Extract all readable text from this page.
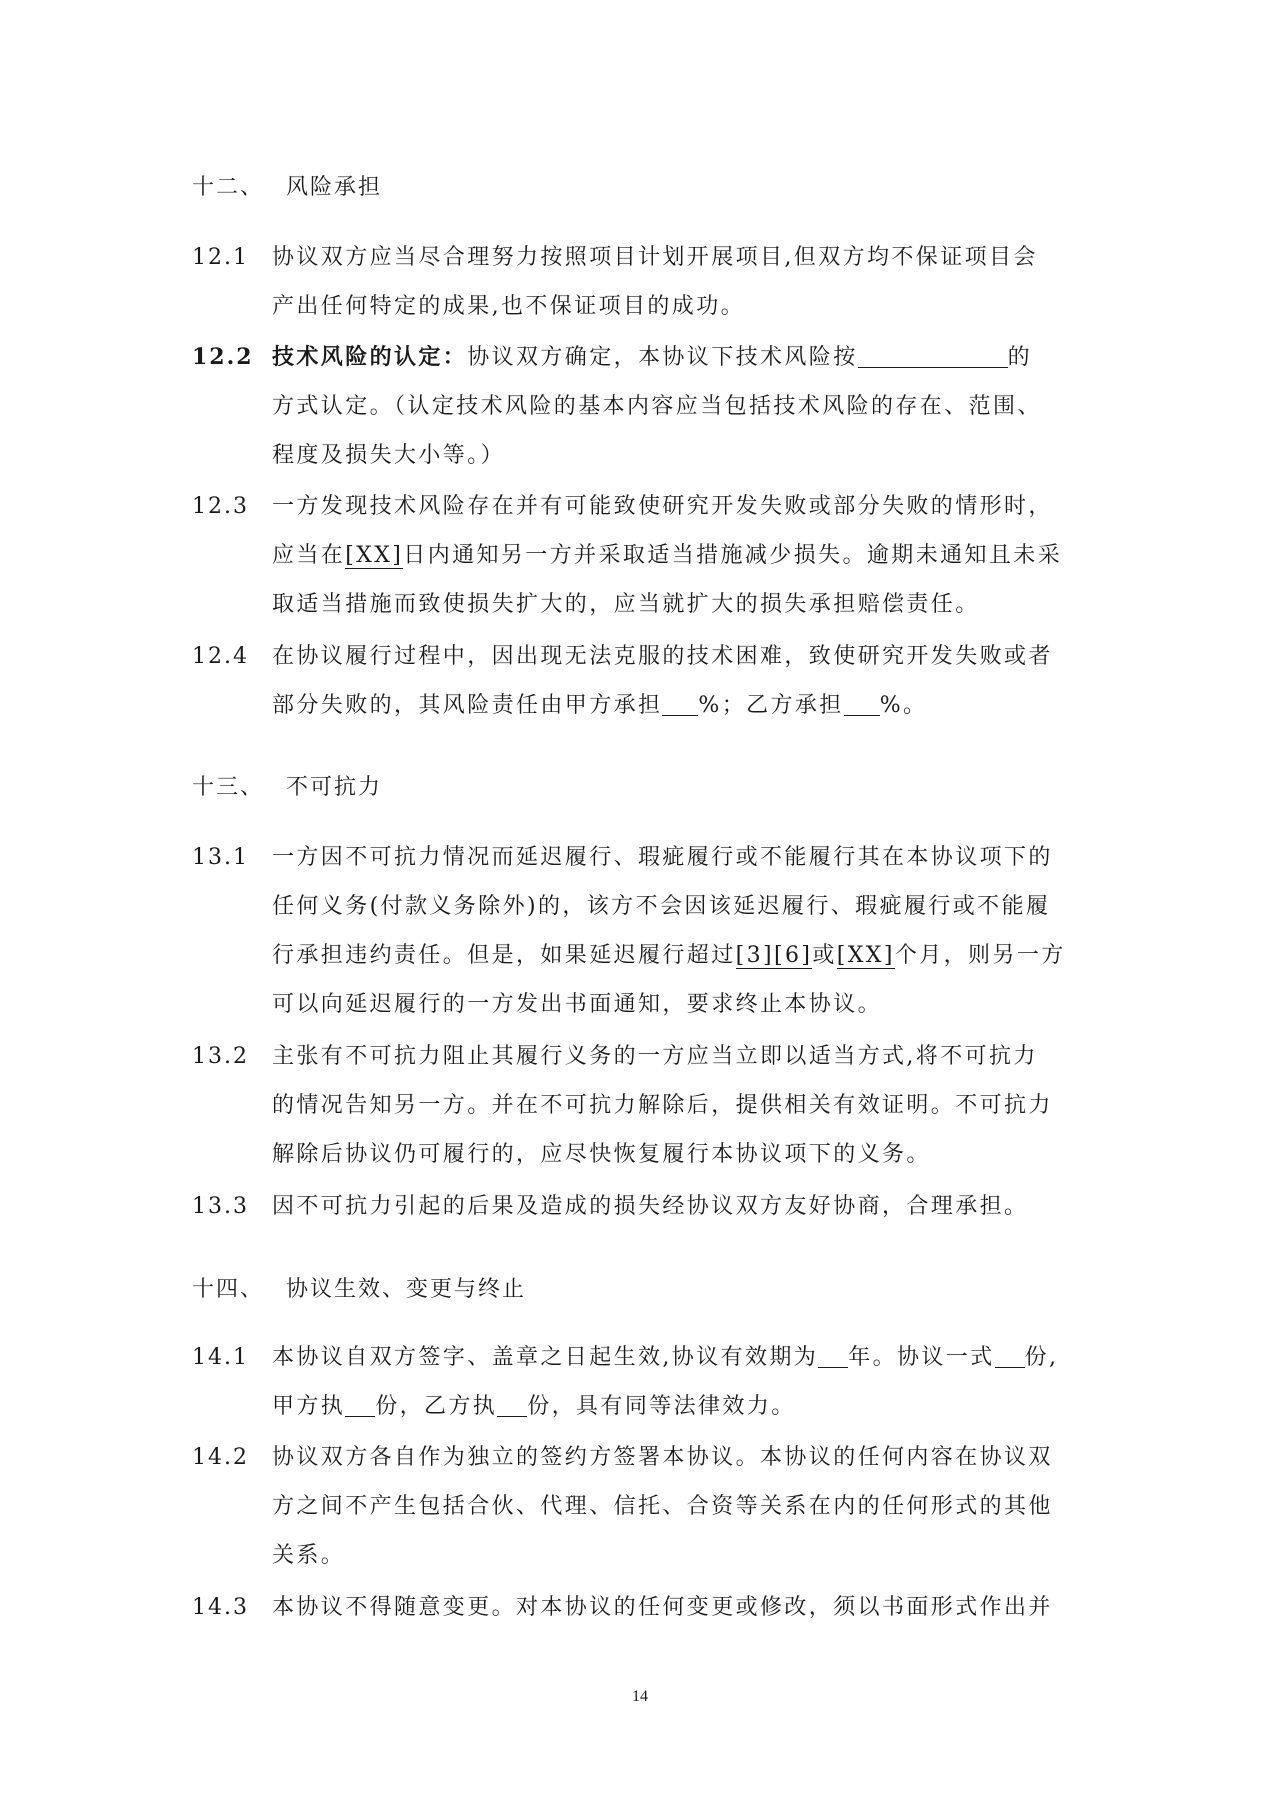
十二、 风险承担
12.1	协议双方应当尽合理努力按照项目计划开展项目,但双方均不保证项目会
产出任何特定的成果,也不保证项目的成功。
12.2 技术风险的认定：协议双方确定，本协议下技术风险按	的
方式认定。（认定技术风险的基本内容应当包括技术风险的存在、范围、
程度及损失大小等。）
12.3	一方发现技术风险存在并有可能致使研究开发失败或部分失败的情形时，
应当在[XX]日内通知另一方并采取适当措施减少损失。逾期未通知且未采
取适当措施而致使损失扩大的，应当就扩大的损失承担赔偿责任。
12.4	在协议履行过程中，因出现无法克服的技术困难，致使研究开发失败或者
部分失败的，其风险责任由甲方承担 %；乙方承担 %。
十三、 不可抗力
13.1	一方因不可抗力情况而延迟履行、瑕疵履行或不能履行其在本协议项下的
任何义务(付款义务除外)的，该方不会因该延迟履行、瑕疵履行或不能履
行承担违约责任。但是，如果延迟履行超过[3][6]或[XX]个月，则另一方
可以向延迟履行的一方发出书面通知，要求终止本协议。
13.2	主张有不可抗力阻止其履行义务的一方应当立即以适当方式,将不可抗力
的情况告知另一方。并在不可抗力解除后，提供相关有效证明。不可抗力
解除后协议仍可履行的，应尽快恢复履行本协议项下的义务。
13.3	因不可抗力引起的后果及造成的损失经协议双方友好协商，合理承担。
十四、 协议生效、变更与终止
14.1	本协议自双方签字、盖章之日起生效,协议有效期为 年。协议一式 份,
甲方执 份，乙方执 份，具有同等法律效力。
14.2	协议双方各自作为独立的签约方签署本协议。本协议的任何内容在协议双
方之间不产生包括合伙、代理、信托、合资等关系在内的任何形式的其他
关系。
14.3	本协议不得随意变更。对本协议的任何变更或修改，须以书面形式作出并
14
